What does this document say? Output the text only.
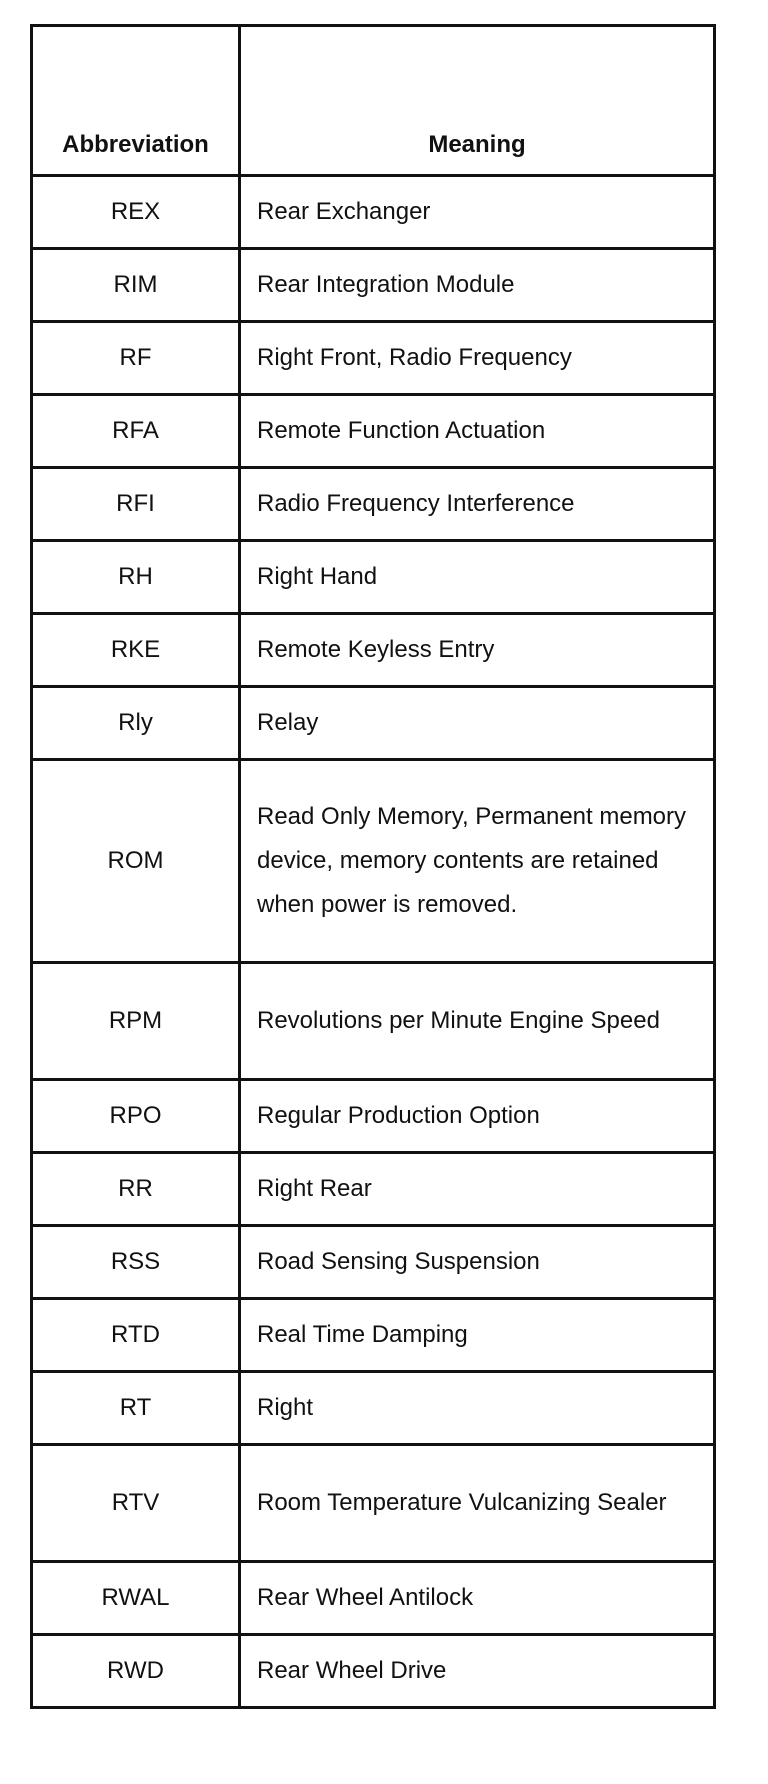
Abbreviation	Meaning
REX	Rear Exchanger
RIM	Rear Integration Module
RF	Right Front, Radio Frequency
RFA	Remote Function Actuation
RFI	Radio Frequency Interference
RH	Right Hand
RKE	Remote Keyless Entry
Rly	Relay
ROM	Read Only Memory, Permanent memory device, memory contents are retained when power is removed.
RPM	Revolutions per Minute Engine Speed
RPO	Regular Production Option
RR	Right Rear
RSS	Road Sensing Suspension
RTD	Real Time Damping
RT	Right
RTV	Room Temperature Vulcanizing Sealer
RWAL	Rear Wheel Antilock
RWD	Rear Wheel Drive
